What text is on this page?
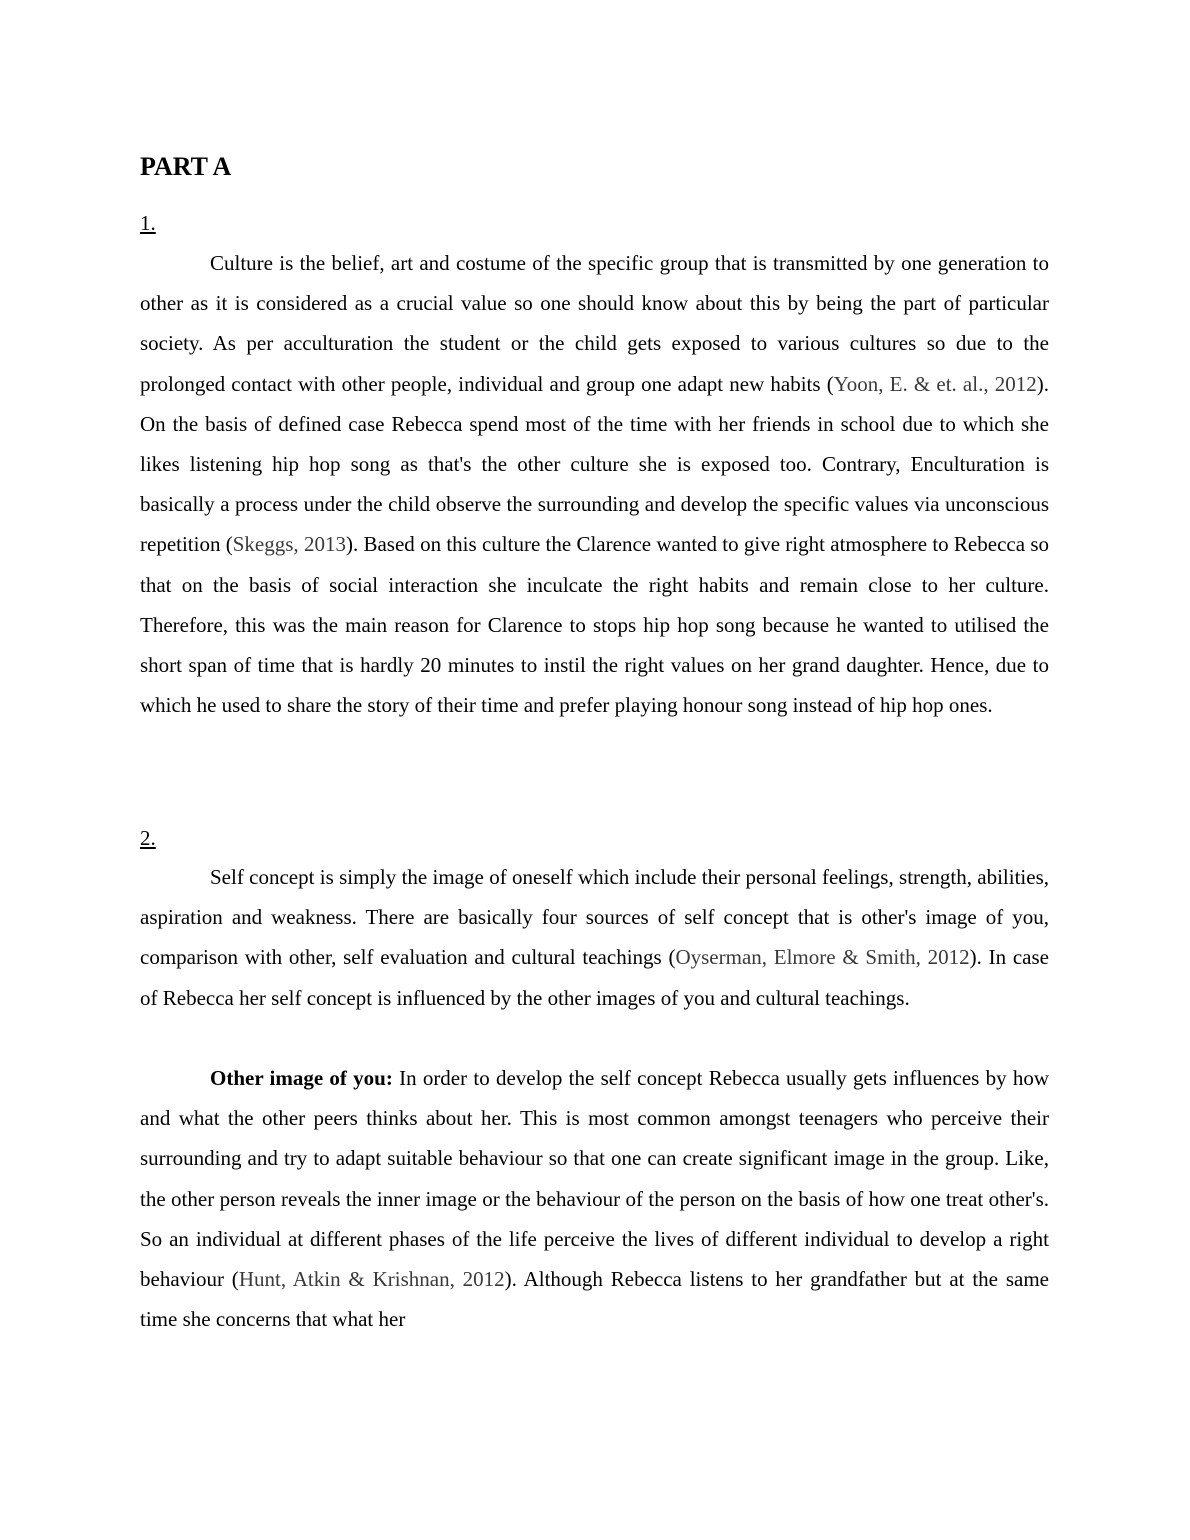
PART A
1.

Culture is the belief, art and costume of the specific group that is transmitted by one generation to other as it is considered as a crucial value so one should know about this by being the part of particular society. As per acculturation the student or the child gets exposed to various cultures so due to the prolonged contact with other people, individual and group one adapt new habits (Yoon, E. & et. al., 2012). On the basis of defined case Rebecca spend most of the time with her friends in school due to which she likes listening hip hop song as that's the other culture she is exposed too. Contrary, Enculturation is basically a process under the child observe the surrounding and develop the specific values via unconscious repetition (Skeggs, 2013). Based on this culture the Clarence wanted to give right atmosphere to Rebecca so that on the basis of social interaction she inculcate the right habits and remain close to her culture. Therefore, this was the main reason for Clarence to stops hip hop song because he wanted to utilised the short span of time that is hardly 20 minutes to instil the right values on her grand daughter. Hence, due to which he used to share the story of their time and prefer playing honour song instead of hip hop ones.

2.

Self concept is simply the image of oneself which include their personal feelings, strength, abilities, aspiration and weakness. There are basically four sources of self concept that is other's image of you, comparison with other, self evaluation and cultural teachings (Oyserman, Elmore & Smith, 2012). In case of Rebecca her self concept is influenced by the other images of you and cultural teachings.

Other image of you: In order to develop the self concept Rebecca usually gets influences by how and what the other peers thinks about her. This is most common amongst teenagers who perceive their surrounding and try to adapt suitable behaviour so that one can create significant image in the group. Like, the other person reveals the inner image or the behaviour of the person on the basis of how one treat other's. So an individual at different phases of the life perceive the lives of different individual to develop a right behaviour (Hunt, Atkin & Krishnan, 2012). Although Rebecca listens to her grandfather but at the same time she concerns that what her
